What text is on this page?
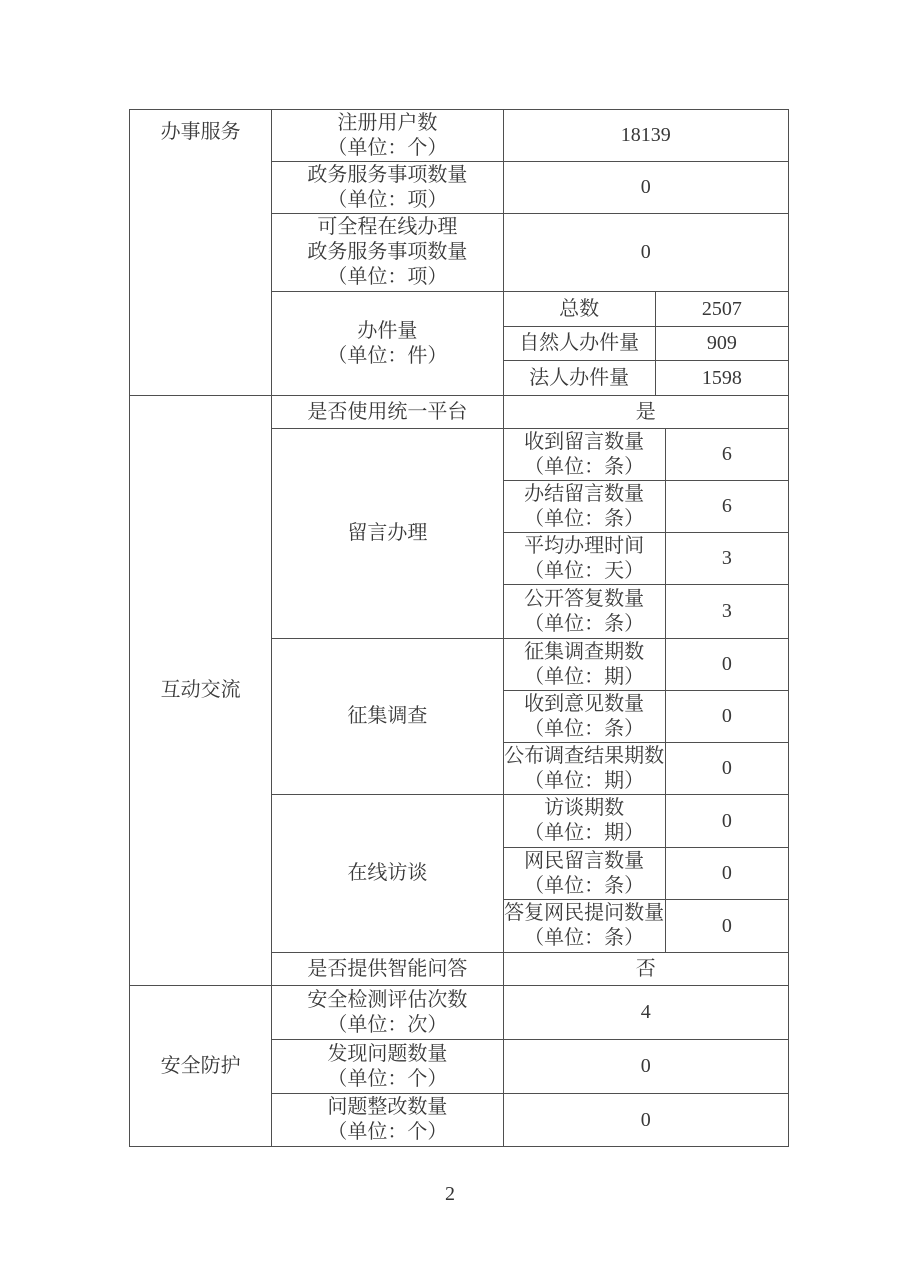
办事服务	注册用户数
（单位：个）	18139		

	政务服务事项数量
（单位：项）	0		

	可全程在线办理
政务服务事项数量
（单位：项）	0		

	办件量
（单位：件）	总数	2507	

		自然人办件量	909	

		法人办件量	1598	

互动交流	是否使用统一平台	是		

	留言办理	收到留言数量
（单位：条）		6

		办结留言数量
（单位：条）		6

		平均办理时间
（单位：天）		3

		公开答复数量
（单位：条）		3

	征集调查	征集调查期数
（单位：期）		0

		收到意见数量
（单位：条）		0

		公布调查结果期数
（单位：期）		0

	在线访谈	访谈期数
（单位：期）		0

		网民留言数量
（单位：条）		0

		答复网民提问数量
（单位：条）		0

	是否提供智能问答	否		

安全防护	安全检测评估次数
（单位：次）	4		

	发现问题数量
（单位：个）	0		

	问题整改数量
（单位：个）	0		
2
